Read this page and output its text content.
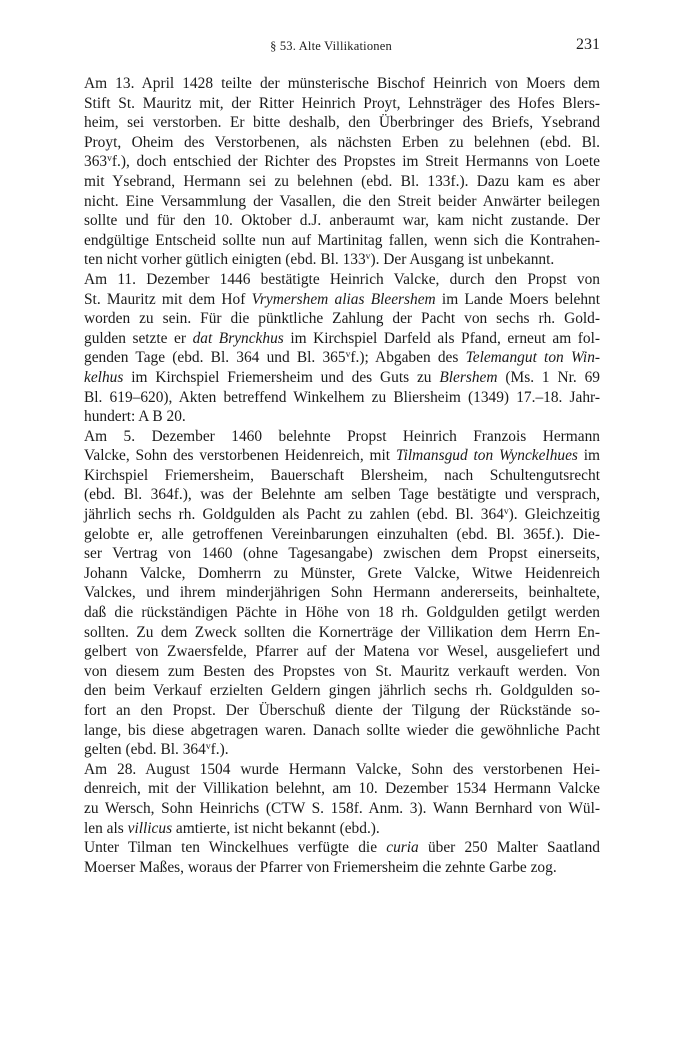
§ 53. Alte Villikationen	231
Am 13. April 1428 teilte der münsterische Bischof Heinrich von Moers dem
Stift St. Mauritz mit, der Ritter Heinrich Proyt, Lehnsträger des Hofes Blers-
heim, sei verstorben. Er bitte deshalb, den Überbringer des Briefs, Ysebrand
Proyt, Oheim des Verstorbenen, als nächsten Erben zu belehnen (ebd. Bl.
363$^v$f.), doch entschied der Richter des Propstes im Streit Hermanns von Loete
mit Ysebrand, Hermann sei zu belehnen (ebd. Bl. 133f.). Dazu kam es aber
nicht. Eine Versammlung der Vasallen, die den Streit beider Anwärter beilegen
sollte und für den 10. Oktober d.J. anberaumt war, kam nicht zustande. Der
endgültige Entscheid sollte nun auf Martinitag fallen, wenn sich die Kontrahen-
ten nicht vorher gütlich einigten (ebd. Bl. 133$^v$). Der Ausgang ist unbekannt.
Am 11. Dezember 1446 bestätigte Heinrich Valcke, durch den Propst von
St. Mauritz mit dem Hof Vrymershem alias Bleershem im Lande Moers belehnt
worden zu sein. Für die pünktliche Zahlung der Pacht von sechs rh. Gold-
gulden setzte er dat Brynckhus im Kirchspiel Darfeld als Pfand, erneut am fol-
genden Tage (ebd. Bl. 364 und Bl. 365$^v$f.); Abgaben des Telemangut ton Win-
kelhus im Kirchspiel Friemersheim und des Guts zu Blershem (Ms. 1 Nr. 69
Bl. 619–620), Akten betreffend Winkelhem zu Bliersheim (1349) 17.–18. Jahr-
hundert: A B 20.
Am 5. Dezember 1460 belehnte Propst Heinrich Franzois Hermann
Valcke, Sohn des verstorbenen Heidenreich, mit Tilmansgud ton Wynckelhues im
Kirchspiel Friemersheim, Bauerschaft Blersheim, nach Schultengutsrecht
(ebd. Bl. 364f.), was der Belehnte am selben Tage bestätigte und versprach,
jährlich sechs rh. Goldgulden als Pacht zu zahlen (ebd. Bl. 364$^v$). Gleichzeitig
gelobte er, alle getroffenen Vereinbarungen einzuhalten (ebd. Bl. 365f.). Die-
ser Vertrag von 1460 (ohne Tagesangabe) zwischen dem Propst einerseits,
Johann Valcke, Domherrn zu Münster, Grete Valcke, Witwe Heidenreich
Valckes, und ihrem minderjährigen Sohn Hermann andererseits, beinhaltete,
daß die rückständigen Pächte in Höhe von 18 rh. Goldgulden getilgt werden
sollten. Zu dem Zweck sollten die Kornerträge der Villikation dem Herrn En-
gelbert von Zwaersfelde, Pfarrer auf der Matena vor Wesel, ausgeliefert und
von diesem zum Besten des Propstes von St. Mauritz verkauft werden. Von
den beim Verkauf erzielten Geldern gingen jährlich sechs rh. Goldgulden so-
fort an den Propst. Der Überschuß diente der Tilgung der Rückstände so-
lange, bis diese abgetragen waren. Danach sollte wieder die gewöhnliche Pacht
gelten (ebd. Bl. 364$^v$f.).
Am 28. August 1504 wurde Hermann Valcke, Sohn des verstorbenen Hei-
denreich, mit der Villikation belehnt, am 10. Dezember 1534 Hermann Valcke
zu Wersch, Sohn Heinrichs (CTW S. 158f. Anm. 3). Wann Bernhard von Wül-
len als villicus amtierte, ist nicht bekannt (ebd.).
Unter Tilman ten Winckelhues verfügte die curia über 250 Malter Saatland
Moerser Maßes, woraus der Pfarrer von Friemersheim die zehnte Garbe zog.
